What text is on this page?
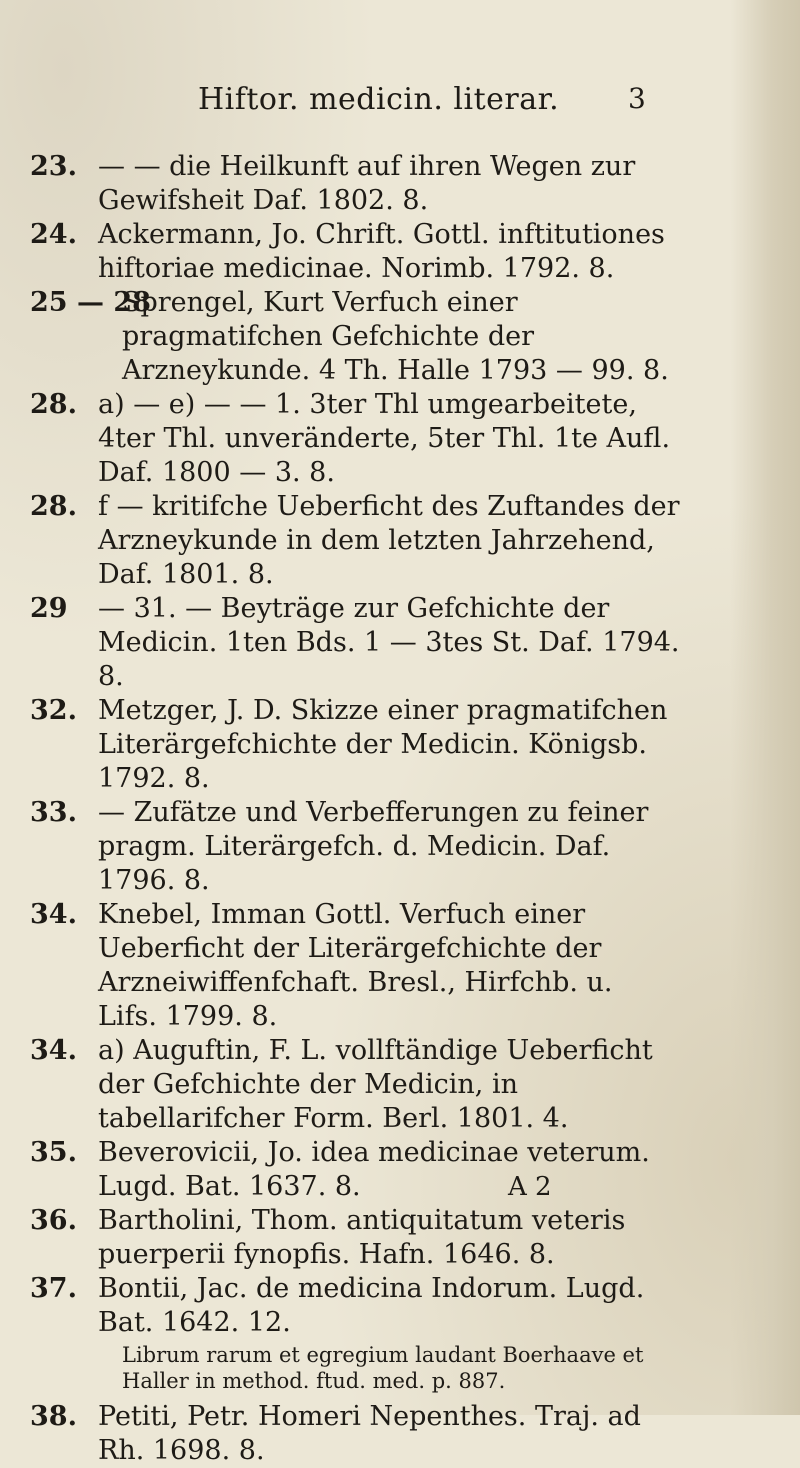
Hiftor. medicin. literar. 3
23. — — die Heilkunft auf ihren Wegen zur Gewifsheit Daf. 1802. 8.
24. Ackermann, Jo. Chrift. Gottl. inftitutiones hiftoriae medicinae. Norimb. 1792. 8.
25 — 28
Sprengel, Kurt Verfuch einer pragmatifchen Gefchichte der Arzneykunde. 4 Th. Halle 1793 — 99. 8.
28. a) — e) — — 1. 3ter Thl umgearbeitete, 4ter Thl. unveränderte, 5ter Thl. 1te Aufl. Daf. 1800 — 3. 8.
28. f — kritifche Ueberficht des Zuftandes der Arzneykunde in dem letzten Jahrzehend, Daf. 1801. 8.
29 — 31. — Beyträge zur Gefchichte der Medicin. 1ten Bds. 1 — 3tes St. Daf. 1794. 8.
32. Metzger, J. D. Skizze einer pragmatifchen Literärgefchichte der Medicin. Königsb. 1792. 8.
33. — Zufätze und Verbefferungen zu feiner pragm. Literärgefch. d. Medicin. Daf. 1796. 8.
34. Knebel, Imman Gottl. Verfuch einer Ueberficht der Literärgefchichte der Arzneiwiffenfchaft. Bresl., Hirfchb. u. Lifs. 1799. 8.
34. a) Auguftin, F. L. vollftändige Ueberficht der Gefchichte der Medicin, in tabellarifcher Form. Berl. 1801. 4.
35. Beverovicii, Jo. idea medicinae veterum. Lugd. Bat. 1637. 8.
36. Bartholini, Thom. antiquitatum veteris puerperii fynopfis. Hafn. 1646. 8.
37. Bontii, Jac. de medicina Indorum. Lugd. Bat. 1642. 12.
Librum rarum et egregium laudant Boerhaave et Haller in method. ftud. med. p. 887.
38. Petiti, Petr. Homeri Nepenthes. Traj. ad Rh. 1698. 8.
A 2
